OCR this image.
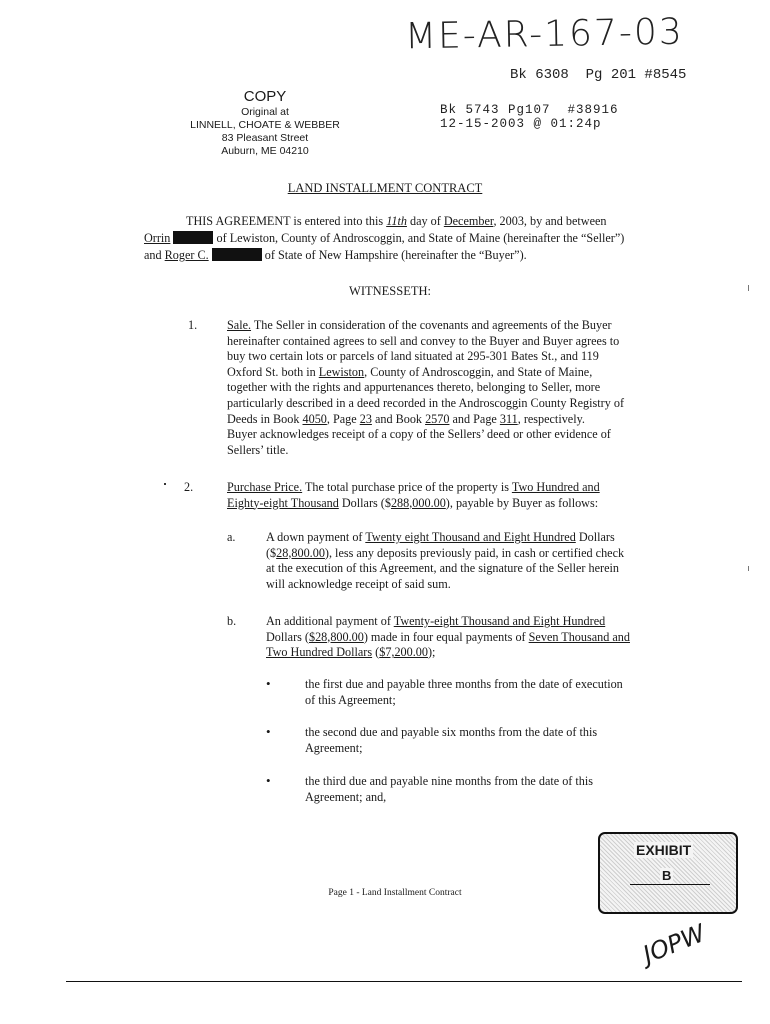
ME-AR-167-03
Bk 6308  Pg 201 #8545
Bk 5743 Pg107  #38916
12-15-2003 @ 01:24p
COPY
Original at
LINNELL, CHOATE & WEBBER
83 Pleasant Street
Auburn, ME 04210
LAND INSTALLMENT CONTRACT
THIS AGREEMENT is entered into this 11th day of December, 2003, by and between
Orrin	of Lewiston, County of Androscoggin, and State of Maine (hereinafter the “Seller”)
and Roger C.	of State of New Hampshire (hereinafter the “Buyer”).
WITNESSETH:
1. Sale. The Seller in consideration of the covenants and agreements of the Buyer
hereinafter contained agrees to sell and convey to the Buyer and Buyer agrees to
buy two certain lots or parcels of land situated at 295-301 Bates St., and 119
Oxford St. both in Lewiston, County of Androscoggin, and State of Maine,
together with the rights and appurtenances thereto, belonging to Seller, more
particularly described in a deed recorded in the Androscoggin County Registry of
Deeds in Book 4050, Page 23 and Book 2570 and Page 311, respectively.
Buyer acknowledges receipt of a copy of the Sellers’ deed or other evidence of
Sellers’ title.
2.	Purchase Price. The total purchase price of the property is Two Hundred and
Eighty-eight Thousand Dollars ($288,000.00), payable by Buyer as follows:
a.	A down payment of Twenty eight Thousand and Eight Hundred Dollars
($28,800.00), less any deposits previously paid, in cash or certified check
at the execution of this Agreement, and the signature of the Seller herein
will acknowledge receipt of said sum.
b. An additional payment of Twenty-eight Thousand and Eight Hundred
Dollars ($28,800.00) made in four equal payments of Seven Thousand and
Two Hundred Dollars ($7,200.00);
•	the first due and payable three months from the date of execution
of this Agreement;
•	the second due and payable six months from the date of this
Agreement;
•	the third due and payable nine months from the date of this
Agreement; and,
EXHIBIT
B
Page 1 - Land Installment Contract
JOPW
